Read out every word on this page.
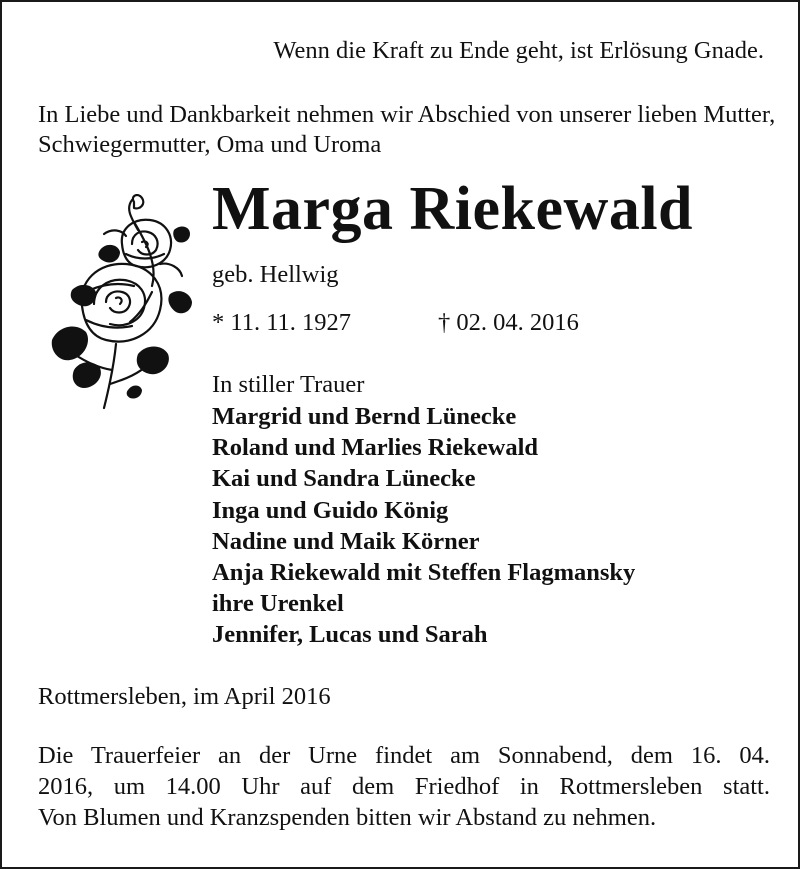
Wenn die Kraft zu Ende geht, ist Erlösung Gnade.
In Liebe und Dankbarkeit nehmen wir Abschied von unserer lieben Mutter, Schwiegermutter, Oma und Uroma
Marga Riekewald
geb. Hellwig
* 11. 11. 1927	† 02. 04. 2016
In stiller Trauer
Margrid und Bernd Lünecke
Roland und Marlies Riekewald
Kai und Sandra Lünecke
Inga und Guido König
Nadine und Maik Körner
Anja Riekewald mit Steffen Flagmansky
ihre Urenkel
Jennifer, Lucas und Sarah
Rottmersleben, im April 2016

Die Trauerfeier an der Urne findet am Sonnabend, dem 16. 04.
2016, um 14.00 Uhr auf dem Friedhof in Rottmersleben statt.
Von Blumen und Kranzspenden bitten wir Abstand zu nehmen.
